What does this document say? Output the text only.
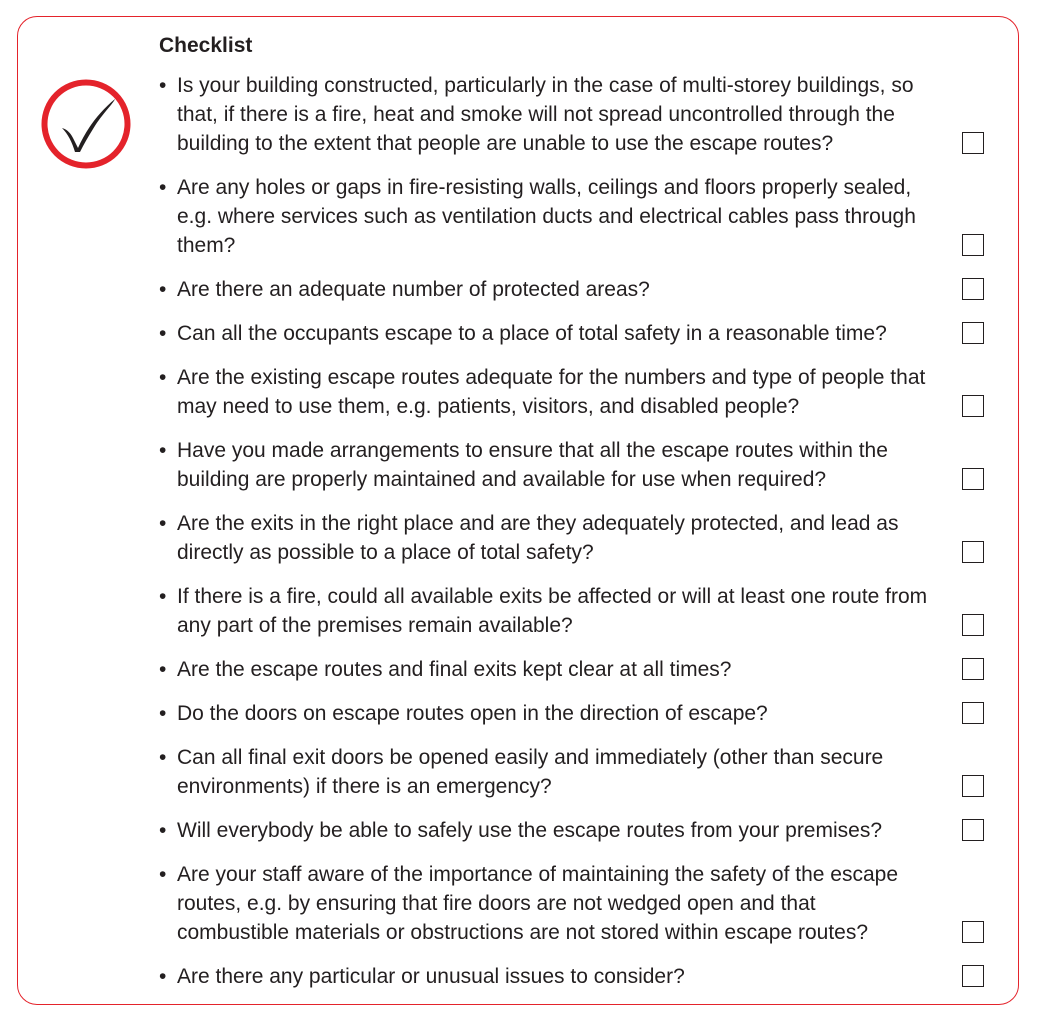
Checklist
• Is your building constructed, particularly in the case of multi-storey buildings, so that, if there is a fire, heat and smoke will not spread uncontrolled through the building to the extent that people are unable to use the escape routes?
• Are any holes or gaps in fire-resisting walls, ceilings and floors properly sealed, e.g. where services such as ventilation ducts and electrical cables pass through them?
• Are there an adequate number of protected areas?
• Can all the occupants escape to a place of total safety in a reasonable time?
• Are the existing escape routes adequate for the numbers and type of people that may need to use them, e.g. patients, visitors, and disabled people?
• Have you made arrangements to ensure that all the escape routes within the building are properly maintained and available for use when required?
• Are the exits in the right place and are they adequately protected, and lead as directly as possible to a place of total safety?
• If there is a fire, could all available exits be affected or will at least one route from any part of the premises remain available?
• Are the escape routes and final exits kept clear at all times?
• Do the doors on escape routes open in the direction of escape?
• Can all final exit doors be opened easily and immediately (other than secure environments) if there is an emergency?
• Will everybody be able to safely use the escape routes from your premises?
• Are your staff aware of the importance of maintaining the safety of the escape routes, e.g. by ensuring that fire doors are not wedged open and that combustible materials or obstructions are not stored within escape routes?
• Are there any particular or unusual issues to consider?
